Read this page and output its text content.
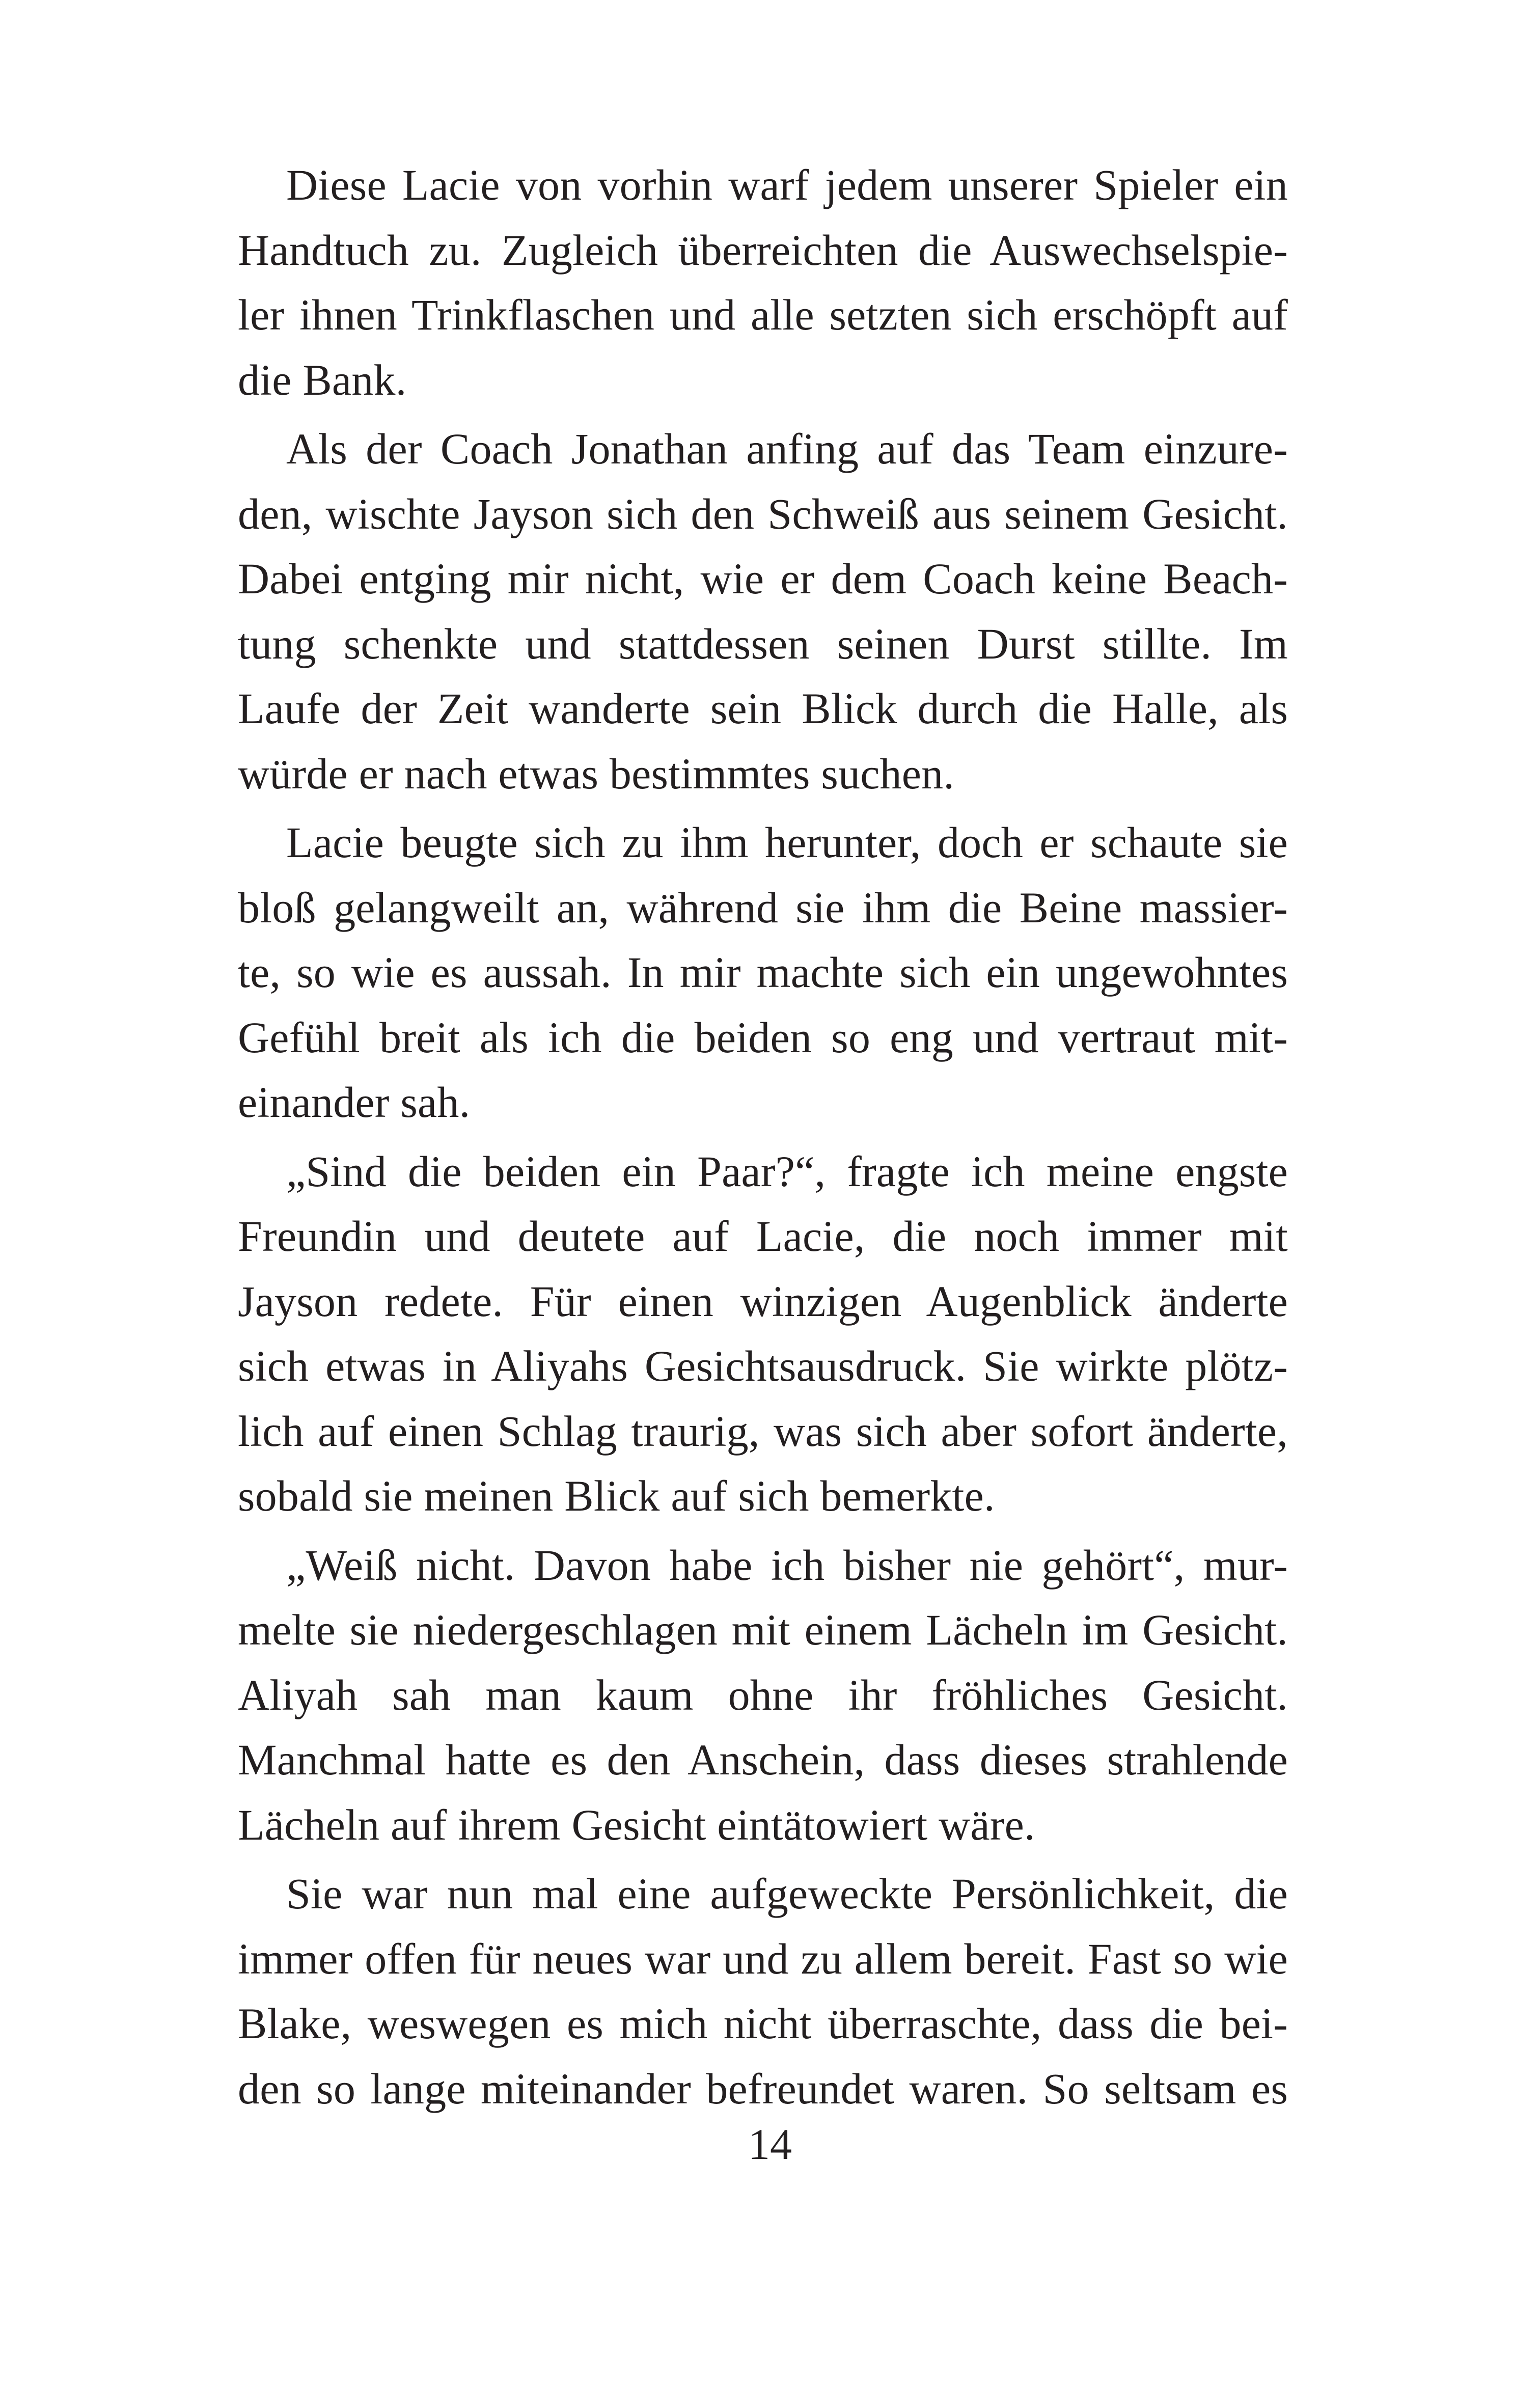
Diese Lacie von vorhin warf jedem unserer Spieler ein
Handtuch zu. Zugleich überreichten die Auswechselspie-
ler ihnen Trinkflaschen und alle setzten sich erschöpft auf
die Bank.
Als der Coach Jonathan anfing auf das Team einzure-
den, wischte Jayson sich den Schweiß aus seinem Gesicht.
Dabei entging mir nicht, wie er dem Coach keine Beach-
tung schenkte und stattdessen seinen Durst stillte. Im
Laufe der Zeit wanderte sein Blick durch die Halle, als
würde er nach etwas bestimmtes suchen.
Lacie beugte sich zu ihm herunter, doch er schaute sie
bloß gelangweilt an, während sie ihm die Beine massier-
te, so wie es aussah. In mir machte sich ein ungewohntes
Gefühl breit als ich die beiden so eng und vertraut mit-
einander sah.
„Sind die beiden ein Paar?“, fragte ich meine engste
Freundin und deutete auf Lacie, die noch immer mit
Jayson redete. Für einen winzigen Augenblick änderte
sich etwas in Aliyahs Gesichtsausdruck. Sie wirkte plötz-
lich auf einen Schlag traurig, was sich aber sofort änderte,
sobald sie meinen Blick auf sich bemerkte.
„Weiß nicht. Davon habe ich bisher nie gehört“, mur-
melte sie niedergeschlagen mit einem Lächeln im Gesicht.
Aliyah sah man kaum ohne ihr fröhliches Gesicht.
Manchmal hatte es den Anschein, dass dieses strahlende
Lächeln auf ihrem Gesicht eintätowiert wäre.
Sie war nun mal eine aufgeweckte Persönlichkeit, die
immer offen für neues war und zu allem bereit. Fast so wie
Blake, weswegen es mich nicht überraschte, dass die bei-
den so lange miteinander befreundet waren. So seltsam es
14
